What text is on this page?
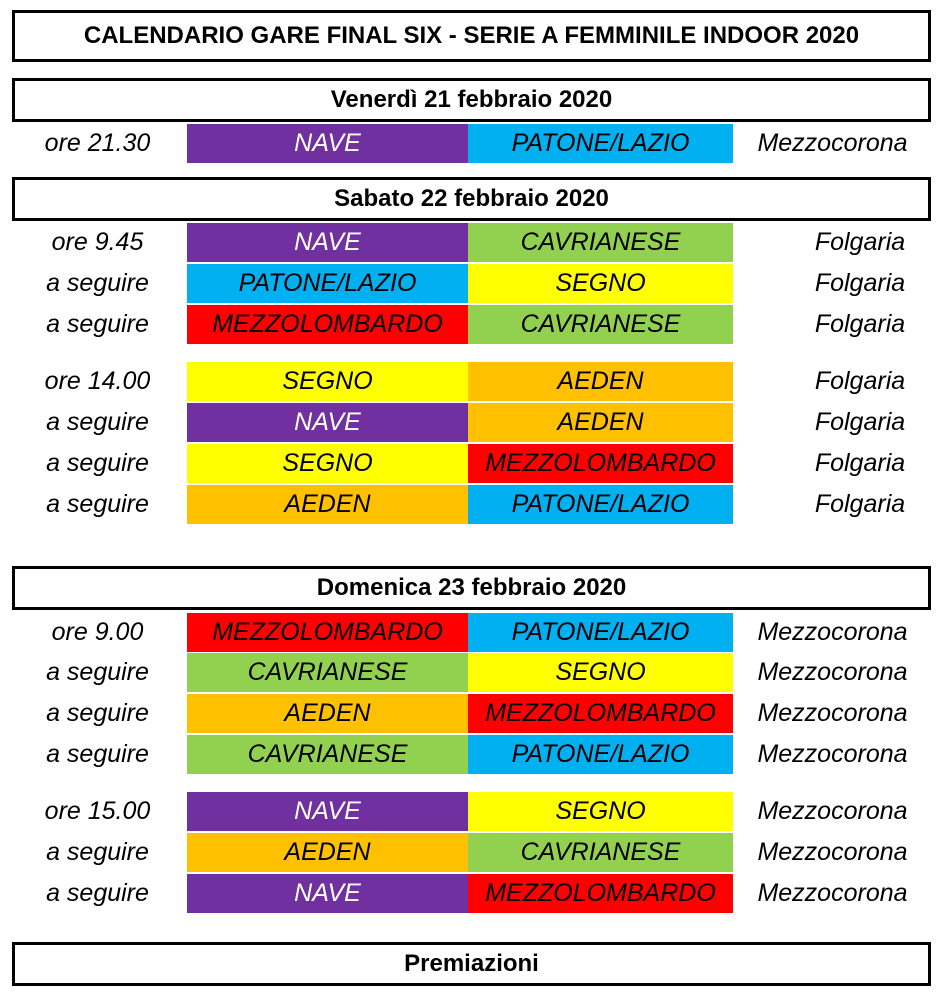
CALENDARIO GARE FINAL SIX - SERIE A FEMMINILE INDOOR 2020
Venerdì 21 febbraio 2020
Sabato 22 febbraio 2020
Domenica 23 febbraio 2020
Premiazioni
ore 21.30	NAVE	PATONE/LAZIO	Mezzocorona
ore 9.45	NAVE	CAVRIANESE	Folgaria
a seguire	PATONE/LAZIO	SEGNO	Folgaria
a seguire	MEZZOLOMBARDO	CAVRIANESE	Folgaria
ore 14.00	SEGNO	AEDEN	Folgaria
a seguire	NAVE	AEDEN	Folgaria
a seguire	SEGNO	MEZZOLOMBARDO	Folgaria
a seguire	AEDEN	PATONE/LAZIO	Folgaria
ore 9.00	MEZZOLOMBARDO	PATONE/LAZIO	Mezzocorona
a seguire	CAVRIANESE	SEGNO	Mezzocorona
a seguire	AEDEN	MEZZOLOMBARDO	Mezzocorona
a seguire	CAVRIANESE	PATONE/LAZIO	Mezzocorona
ore 15.00	NAVE	SEGNO	Mezzocorona
a seguire	AEDEN	CAVRIANESE	Mezzocorona
a seguire	NAVE	MEZZOLOMBARDO	Mezzocorona
